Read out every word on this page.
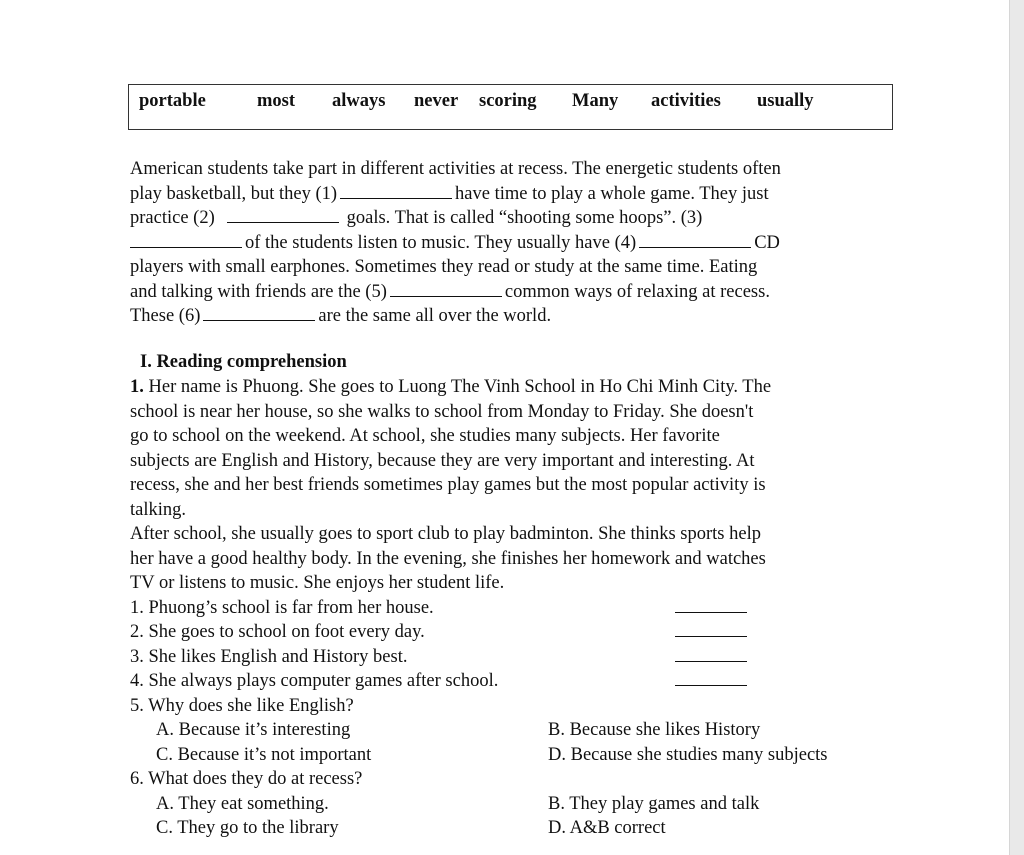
portable	most always never scoring Many activities usually
American students take part in different activities at recess. The energetic students often
play basketball, but they (1)	have time to play a whole game. They just
practice (2)	goals. That is called “shooting some hoops”. (3)
of the students listen to music. They usually have (4)	CD
players with small earphones. Sometimes they read or study at the same time. Eating
and talking with friends are the (5)	common ways of relaxing at recess.
These (6)	are the same all over the world.
I. Reading comprehension
1. Her name is Phuong. She goes to Luong The Vinh School in Ho Chi Minh City. The
school is near her house, so she walks to school from Monday to Friday. She doesn't
go to school on the weekend. At school, she studies many subjects. Her favorite
subjects are English and History, because they are very important and interesting. At
recess, she and her best friends sometimes play games but the most popular activity is
talking.
After school, she usually goes to sport club to play badminton. She thinks sports help
her have a good healthy body. In the evening, she finishes her homework and watches
TV or listens to music. She enjoys her student life.
1. Phuong’s school is far from her house.
2. She goes to school on foot every day.
3. She likes English and History best.
4. She always plays computer games after school.
5. Why does she like English?
A. Because it’s interesting	B. Because she likes History
C. Because it’s not important	D. Because she studies many subjects
6. What does they do at recess?
A. They eat something.	B. They play games and talk
C. They go to the library	D. A&B correct
